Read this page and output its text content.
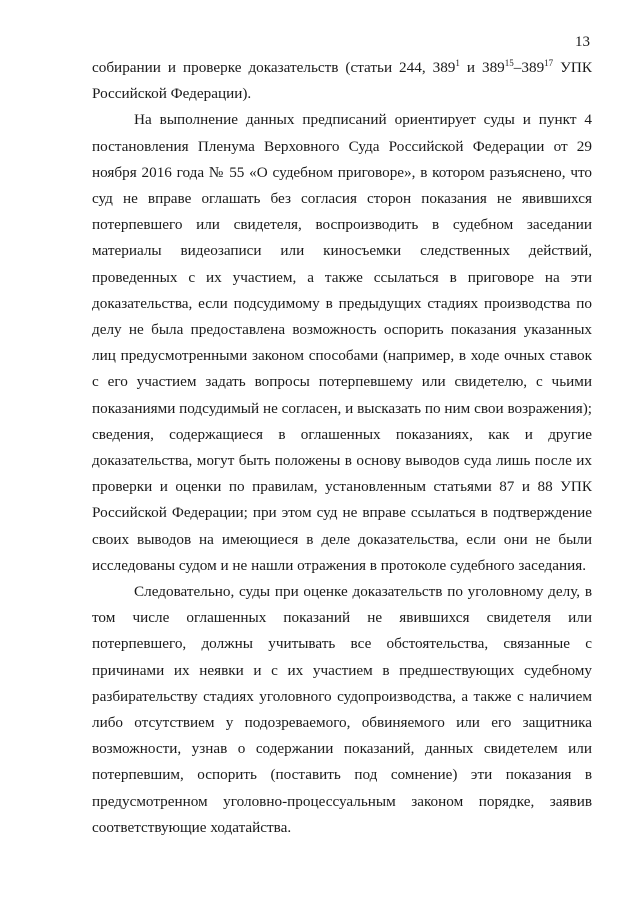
13

собирании и проверке доказательств (статьи 244, $389^1$ и $389^{15}-389^{17}$ УПК Российской Федерации).

На выполнение данных предписаний ориентирует суды и пункт 4 постановления Пленума Верховного Суда Российской Федерации от 29 ноября 2016 года № 55 «О судебном приговоре», в котором разъяснено, что суд не вправе оглашать без согласия сторон показания не явившихся потерпевшего или свидетеля, воспроизводить в судебном заседании материалы видеозаписи или киносъемки следственных действий, проведенных с их участием, а также ссылаться в приговоре на эти доказательства, если подсудимому в предыдущих стадиях производства по делу не была предоставлена возможность оспорить показания указанных лиц предусмотренными законом способами (например, в ходе очных ставок с его участием задать вопросы потерпевшему или свидетелю, с чьими показаниями подсудимый не согласен, и высказать по ним свои возражения); сведения, содержащиеся в оглашенных показаниях, как и другие доказательства, могут быть положены в основу выводов суда лишь после их проверки и оценки по правилам, установленным статьями 87 и 88 УПК Российской Федерации; при этом суд не вправе ссылаться в подтверждение своих выводов на имеющиеся в деле доказательства, если они не были исследованы судом и не нашли отражения в протоколе судебного заседания.

Следовательно, суды при оценке доказательств по уголовному делу, в том числе оглашенных показаний не явившихся свидетеля или потерпевшего, должны учитывать все обстоятельства, связанные с причинами их неявки и с их участием в предшествующих судебному разбирательству стадиях уголовного судопроизводства, а также с наличием либо отсутствием у подозреваемого, обвиняемого или его защитника возможности, узнав о содержании показаний, данных свидетелем или потерпевшим, оспорить (поставить под сомнение) эти показания в предусмотренном уголовно-процессуальным законом порядке, заявив соответствующие ходатайства.
